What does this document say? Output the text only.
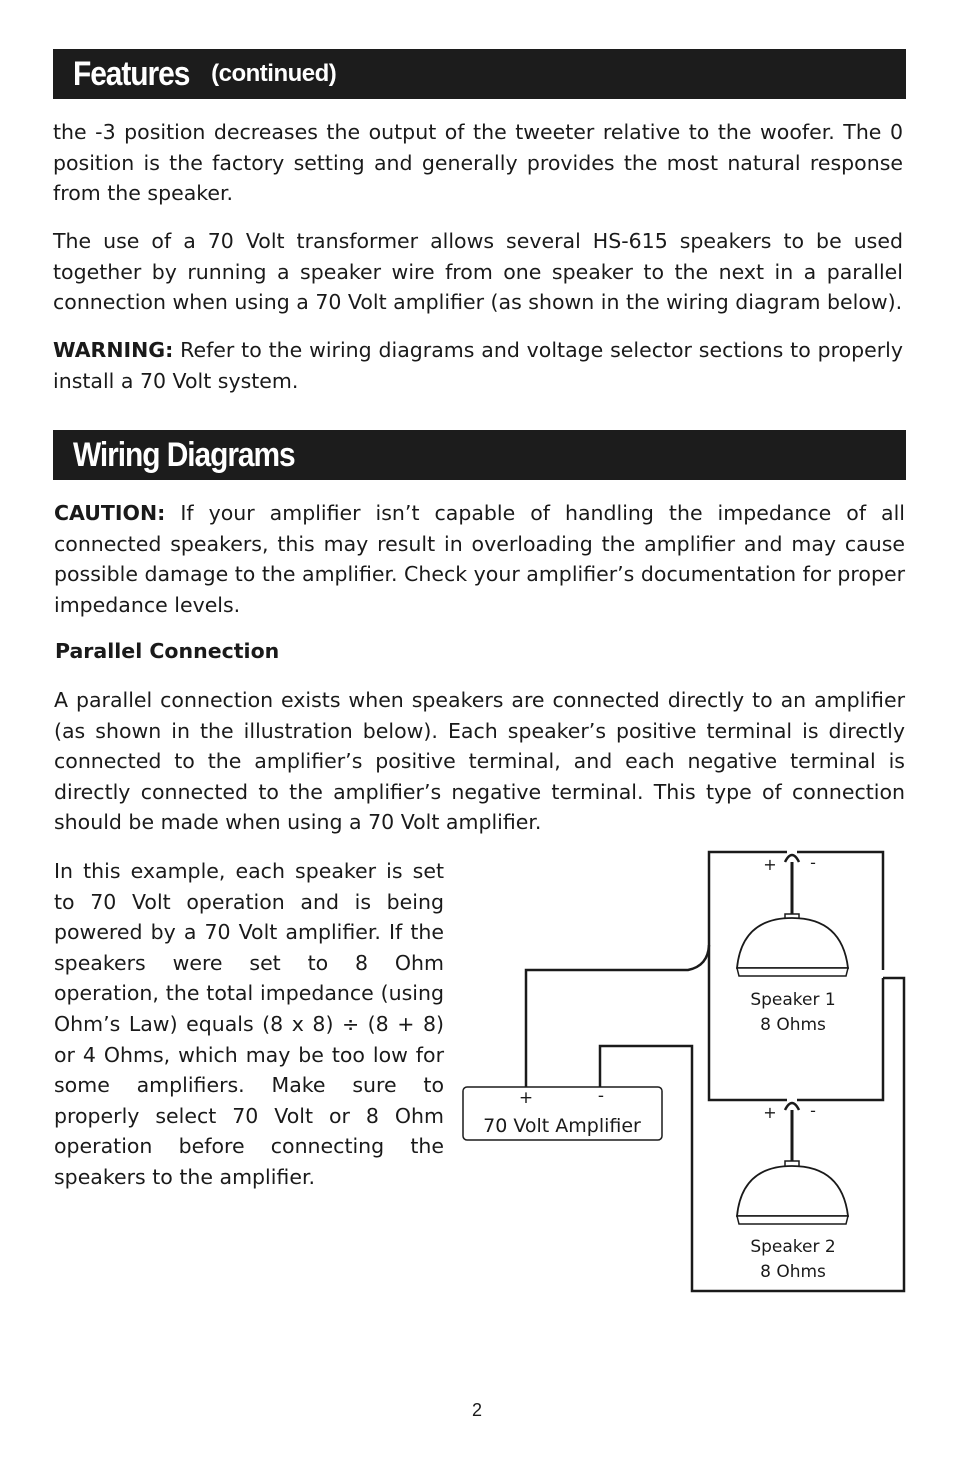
Features (continued)

the -3 position decreases the output of the tweeter relative to the woofer. The 0 position is the factory setting and generally provides the most natural response from the speaker.

The use of a 70 Volt transformer allows several HS-615 speakers to be used together by running a speaker wire from one speaker to the next in a parallel connection when using a 70 Volt amplifier (as shown in the wiring diagram below).

WARNING: Refer to the wiring diagrams and voltage selector sections to properly install a 70 Volt system.

Wiring Diagrams

CAUTION: If your amplifier isn’t capable of handling the impedance of all connected speakers, this may result in overloading the amplifier and may cause possible damage to the amplifier. Check your amplifier’s documentation for proper impedance levels.

Parallel Connection

A parallel connection exists when speakers are connected directly to an amplifier (as shown in the illustration below). Each speaker’s positive terminal is directly connected to the amplifier’s positive terminal, and each negative terminal is directly connected to the amplifier’s negative terminal. This type of connection should be made when using a 70 Volt amplifier.

In this example, each speaker is set to 70 Volt operation and is being powered by a 70 Volt amplifier. If the speakers were set to 8 Ohm operation, the total impedance (using Ohm’s Law) equals (8 x 8) ÷ (8 + 8) or 4 Ohms, which may be too low for some amplifiers. Make sure to properly select 70 Volt or 8 Ohm operation before connecting the speakers to the amplifier.

+	-
70 Volt Amplifier
+ -
Speaker 1
8 Ohms
+ -
Speaker 2
8 Ohms
2
